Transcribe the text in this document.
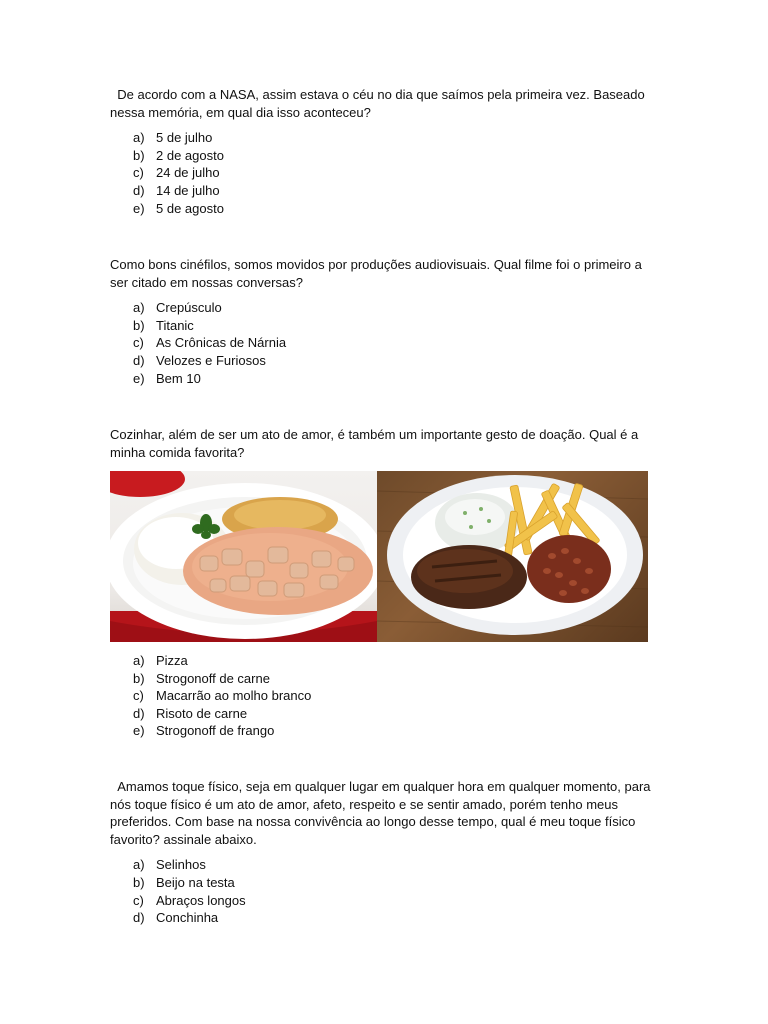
De acordo com a NASA, assim estava o céu no dia que saímos pela primeira vez. Baseado nessa memória, em qual dia isso aconteceu?

a) 5 de julho
b) 2 de agosto
c) 24 de julho
d) 14 de julho
e) 5 de agosto

Como bons cinéfilos, somos movidos por produções audiovisuais. Qual filme foi o primeiro a ser citado em nossas conversas?

a) Crepúsculo
b) Titanic
c) As Crônicas de Nárnia
d) Velozes e Furiosos
e) Bem 10

Cozinhar, além de ser um ato de amor, é também um importante gesto de doação. Qual é a minha comida favorita?

a) Pizza
b) Strogonoff de carne
c) Macarrão ao molho branco
d) Risoto de carne
e) Strogonoff de frango

Amamos toque físico, seja em qualquer lugar em qualquer hora em qualquer momento, para nós toque físico é um ato de amor, afeto, respeito e se sentir amado, porém tenho meus preferidos. Com base na nossa convivência ao longo desse tempo, qual é meu toque físico favorito? assinale abaixo.

a) Selinhos
b) Beijo na testa
c) Abraços longos
d) Conchinha
